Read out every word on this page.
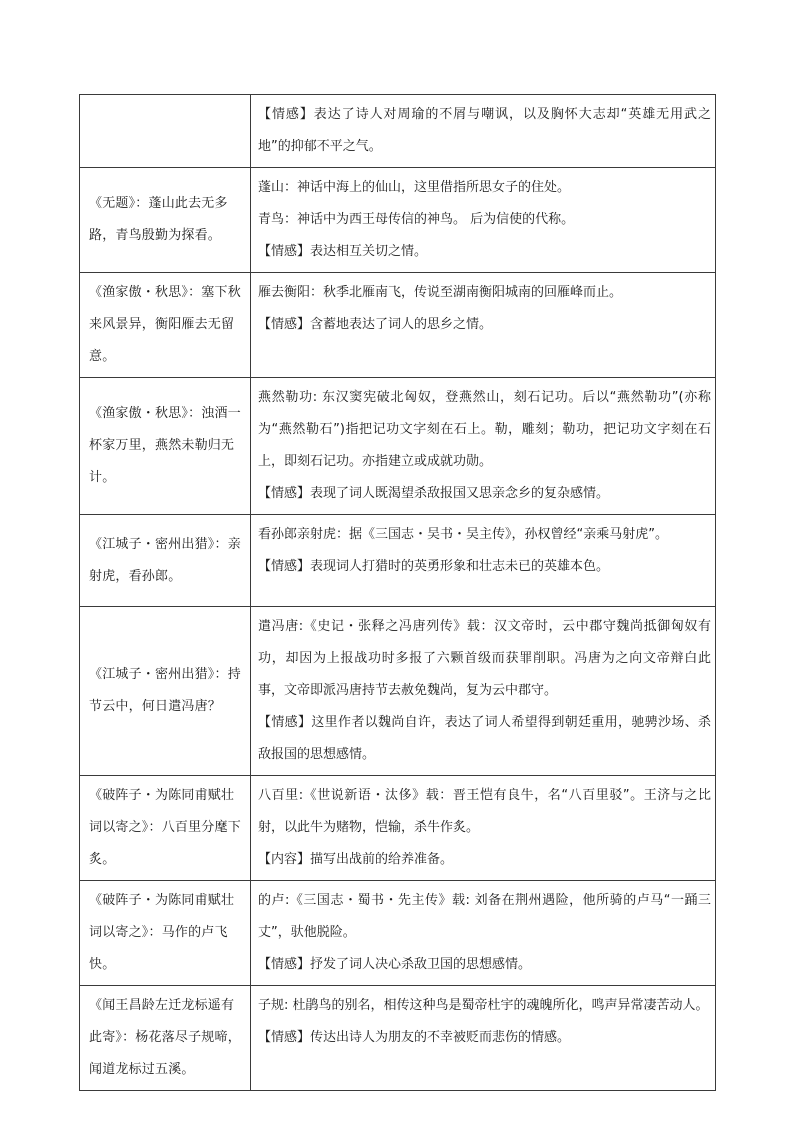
	【情感】表达了诗人对周瑜的不屑与嘲讽，以及胸怀大志却“英雄无用武之地”的抑郁不平之气。

《无题》：蓬山此去无多路，青鸟殷勤为探看。	蓬山：神话中海上的仙山，这里借指所思女子的住处。

青鸟：神话中为西王母传信的神鸟。 后为信使的代称。

【情感】表达相互关切之情。

《渔家傲・秋思》：塞下秋来风景异，衡阳雁去无留意。	雁去衡阳：秋季北雁南飞，传说至湖南衡阳城南的回雁峰而止。

【情感】含蓄地表达了词人的思乡之情。

《渔家傲・秋思》：浊酒一杯家万里，燕然未勒归无计。	燕然勒功: 东汉窦宪破北匈奴，登燕然山，刻石记功。后以“燕然勒功”(亦称为“燕然勒石”)指把记功文字刻在石上。勒，雕刻；勒功，把记功文字刻在石上，即刻石记功。亦指建立或成就功勋。

【情感】表现了词人既渴望杀敌报国又思亲念乡的复杂感情。

《江城子・密州出猎》：亲射虎，看孙郎。	看孙郎亲射虎：据《三国志・吴书・吴主传》，孙权曾经“亲乘马射虎”。

【情感】表现词人打猎时的英勇形象和壮志未已的英雄本色。

《江城子・密州出猎》：持节云中，何日遣冯唐？	遣冯唐:《史记・张释之冯唐列传》载：汉文帝时，云中郡守魏尚抵御匈奴有功，却因为上报战功时多报了六颗首级而获罪削职。冯唐为之向文帝辩白此事，文帝即派冯唐持节去赦免魏尚，复为云中郡守。

【情感】这里作者以魏尚自许，表达了词人希望得到朝廷重用，驰骋沙场、杀敌报国的思想感情。

《破阵子・为陈同甫赋壮词以寄之》：八百里分麾下炙。	八百里:《世说新语・汰侈》载：晋王恺有良牛，名“八百里驳”。王济与之比射，以此牛为赌物，恺输，杀牛作炙。

【内容】描写出战前的给养准备。

《破阵子・为陈同甫赋壮词以寄之》：马作的卢飞快。	的卢:《三国志・蜀书・先主传》载: 刘备在荆州遇险，他所骑的卢马“一踊三丈”，驮他脱险。

【情感】抒发了词人决心杀敌卫国的思想感情。

《闻王昌龄左迁龙标遥有此寄》：杨花落尽子规啼，闻道龙标过五溪。	子规: 杜鹃鸟的别名，相传这种鸟是蜀帝杜宇的魂魄所化，鸣声异常凄苦动人。

【情感】传达出诗人为朋友的不幸被贬而悲伤的情感。
